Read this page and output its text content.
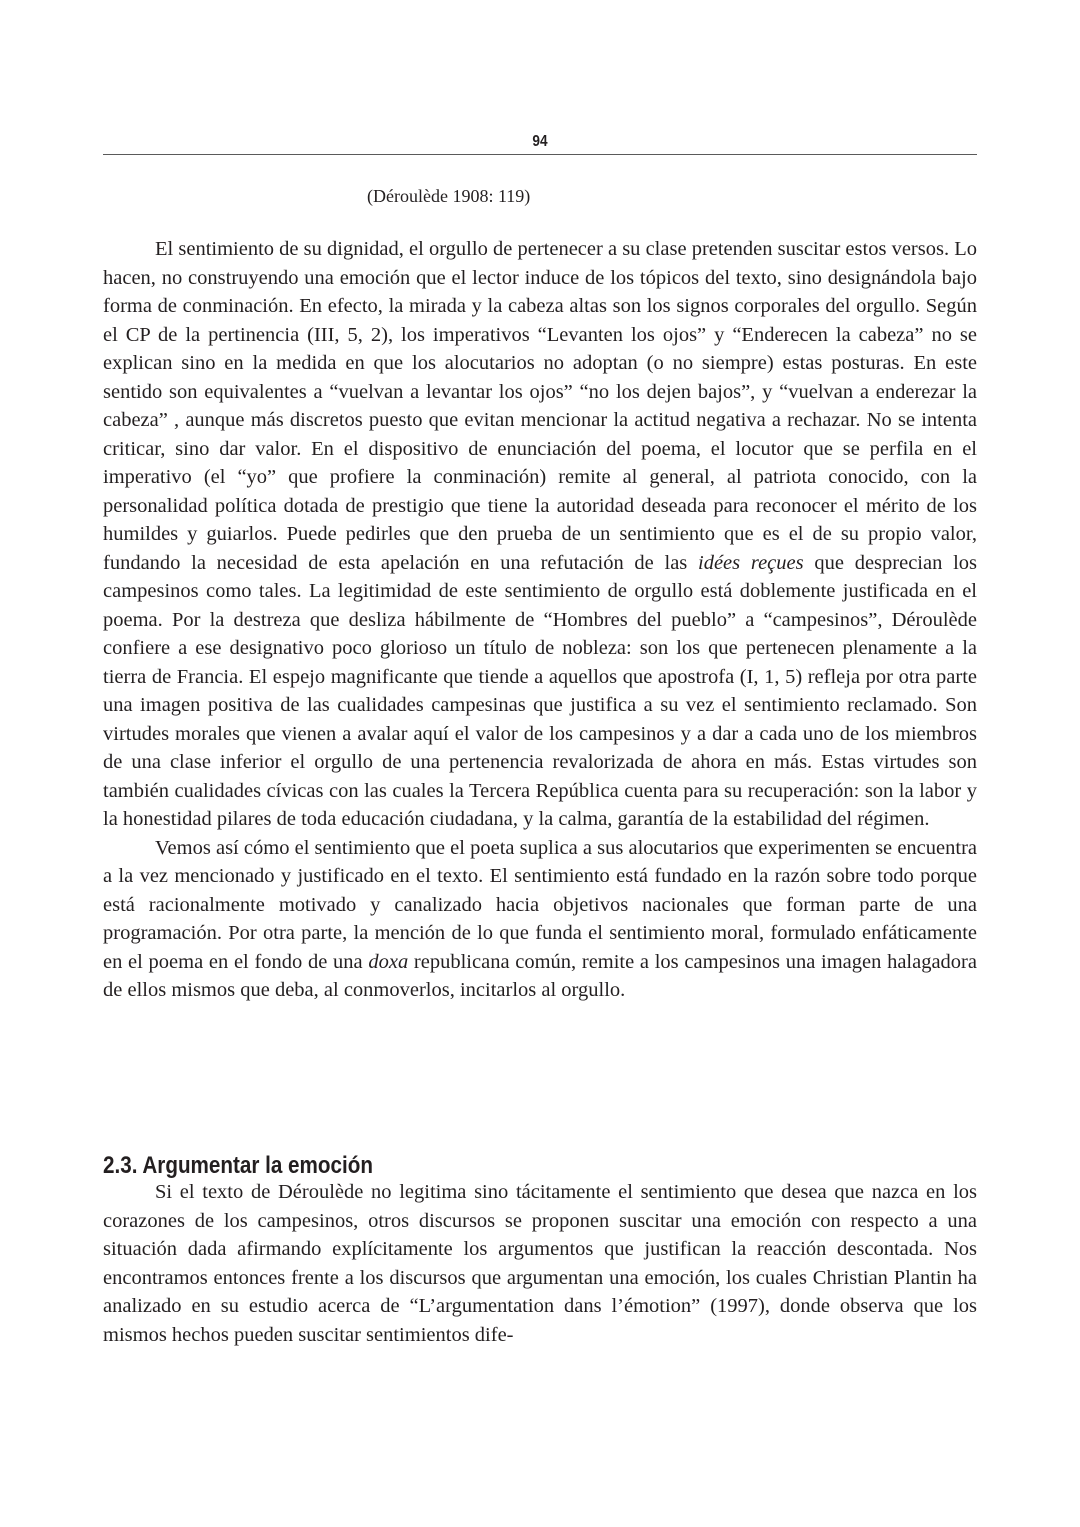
94
(Déroulède 1908: 119)

El sentimiento de su dignidad, el orgullo de pertenecer a su clase pretenden suscitar estos versos. Lo hacen, no construyendo una emoción que el lector induce de los tópicos del texto, sino designándola bajo forma de conminación. En efecto, la mirada y la cabeza altas son los signos corporales del orgullo. Según el CP de la pertinencia (III, 5, 2), los imperativos “Levanten los ojos” y “Enderecen la cabeza” no se explican sino en la medida en que los alocutarios no adoptan (o no siempre) estas posturas. En este sentido son equivalentes a “vuelvan a levantar los ojos” “no los dejen bajos”, y “vuelvan a enderezar la cabeza” , aunque más discretos puesto que evitan mencionar la actitud negativa a rechazar. No se intenta criticar, sino dar valor. En el dispositivo de enunciación del poema, el locutor que se perfila en el imperativo (el “yo” que profiere la conminación) remite al general, al patriota conocido, con la personalidad política dotada de prestigio que tiene la autoridad deseada para reconocer el mérito de los humildes y guiarlos. Puede pedirles que den prueba de un sentimiento que es el de su propio valor, fundando la necesidad de esta apelación en una refutación de las idées reçues que desprecian los campesinos como tales. La legitimidad de este sentimiento de orgullo está doblemente justificada en el poema. Por la destreza que desliza hábilmente de “Hombres del pueblo” a “campesinos”, Déroulède confiere a ese designativo poco glorioso un título de nobleza: son los que pertenecen plenamente a la tierra de Francia. El espejo magnificante que tiende a aquellos que apostrofa (I, 1, 5) refleja por otra parte una imagen positiva de las cualidades campesinas que justifica a su vez el sentimiento reclamado. Son virtudes morales que vienen a avalar aquí el valor de los campesinos y a dar a cada uno de los miembros de una clase inferior el orgullo de una pertenencia revalorizada de ahora en más. Estas virtudes son también cualidades cívicas con las cuales la Tercera República cuenta para su recuperación: son la labor y la honestidad pilares de toda educación ciudadana, y la calma, garantía de la estabilidad del régimen.

Vemos así cómo el sentimiento que el poeta suplica a sus alocutarios que experimenten se encuentra a la vez mencionado y justificado en el texto. El sentimiento está fundado en la razón sobre todo porque está racionalmente motivado y canalizado hacia objetivos nacionales que forman parte de una programación. Por otra parte, la mención de lo que funda el sentimiento moral, formulado enfáticamente en el poema en el fondo de una doxa republicana común, remite a los campesinos una imagen halagadora de ellos mismos que deba, al conmoverlos, incitarlos al orgullo.

2.3. Argumentar la emoción

Si el texto de Déroulède no legitima sino tácitamente el sentimiento que desea que nazca en los corazones de los campesinos, otros discursos se proponen suscitar una emoción con respecto a una situación dada afirmando explícitamente los argumentos que justifican la reacción descontada. Nos encontramos entonces frente a los discursos que argumentan una emoción, los cuales Christian Plantin ha analizado en su estudio acerca de “L’argumentation dans l’émotion” (1997), donde observa que los mismos hechos pueden suscitar sentimientos dife-
